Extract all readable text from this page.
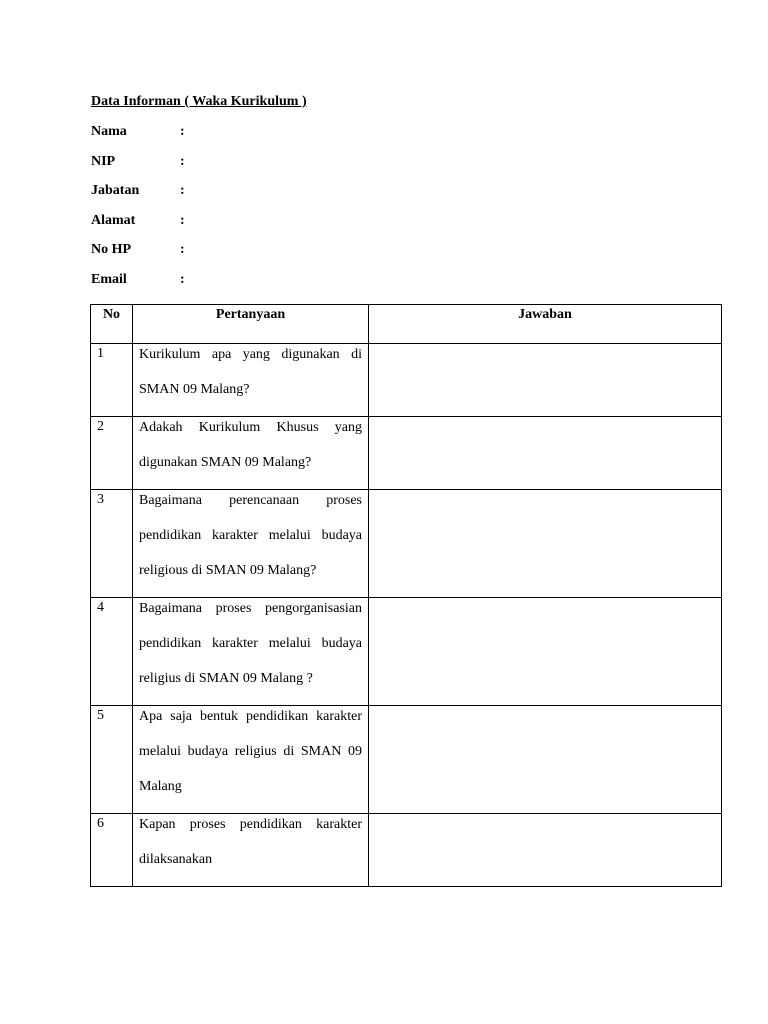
Data Informan ( Waka Kurikulum )
Nama	:
NIP	:
Jabatan	:
Alamat	:
No HP	:
Email	:
No	Pertanyaan	Jawaban
1	Kurikulum apa yang digunakan di SMAN 09 Malang?	

2	Adakah Kurikulum Khusus yang digunakan SMAN 09 Malang?	

3	Bagaimana perencanaan proses pendidikan karakter melalui budaya religious di SMAN 09 Malang?	

4	Bagaimana proses pengorganisasian pendidikan karakter melalui budaya religius di SMAN 09 Malang ?	

5	Apa saja bentuk pendidikan karakter melalui budaya religius di SMAN 09 Malang	

6	Kapan proses pendidikan karakter dilaksanakan	
